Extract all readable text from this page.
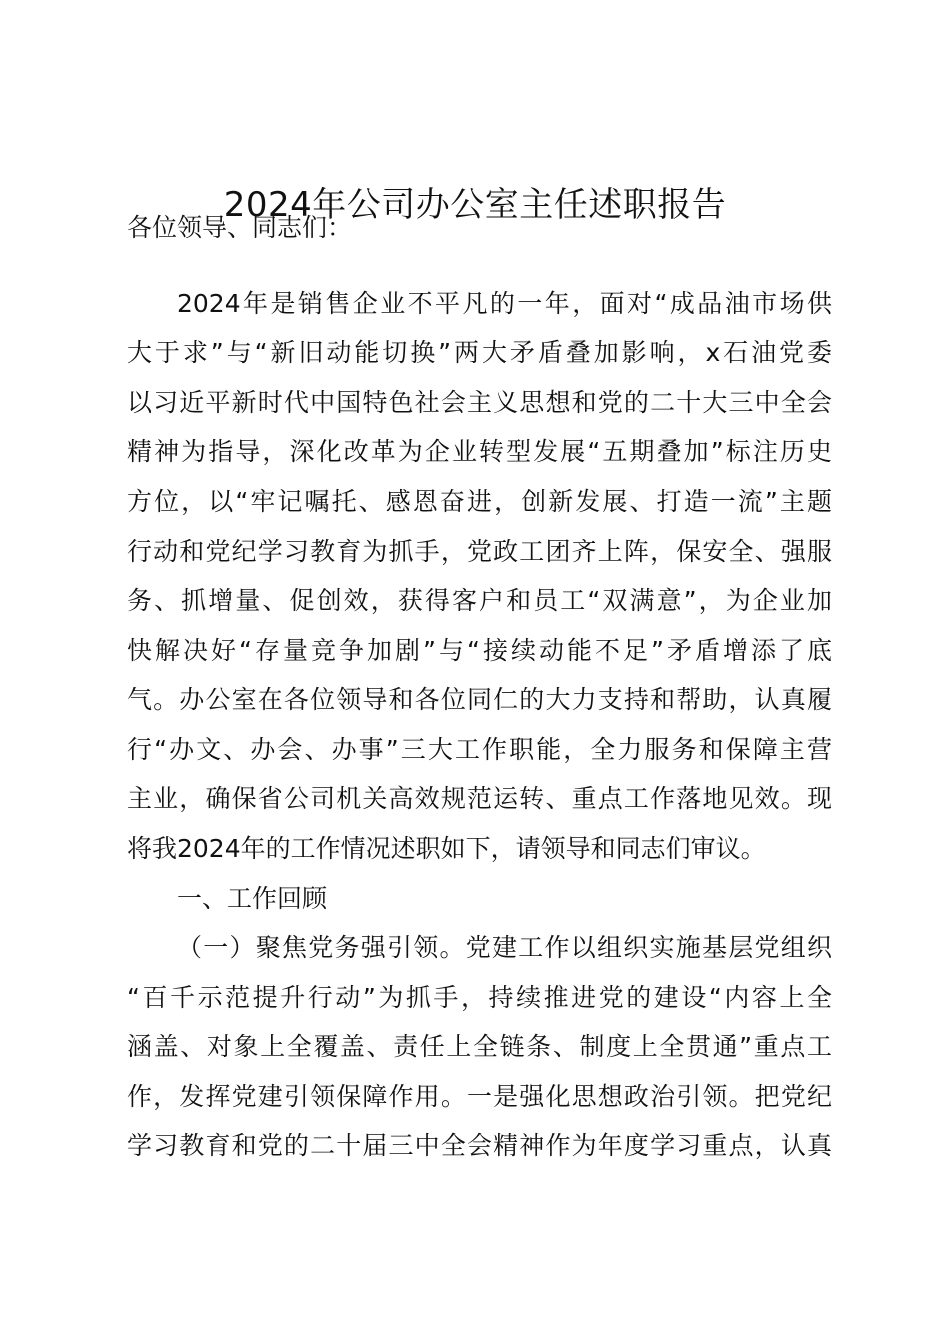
2024年公司办公室主任述职报告
各位领导、同志们：
2024年是销售企业不平凡的一年，面对“成品油市场供
大于求”与“新旧动能切换”两大矛盾叠加影响，x石油党委
以习近平新时代中国特色社会主义思想和党的二十大三中全会
精神为指导，深化改革为企业转型发展“五期叠加”标注历史
方位，以“牢记嘱托、感恩奋进，创新发展、打造一流”主题
行动和党纪学习教育为抓手，党政工团齐上阵，保安全、强服
务、抓增量、促创效，获得客户和员工“双满意”，为企业加
快解决好“存量竞争加剧”与“接续动能不足”矛盾增添了底
气。办公室在各位领导和各位同仁的大力支持和帮助，认真履
行“办文、办会、办事”三大工作职能，全力服务和保障主营
主业，确保省公司机关高效规范运转、重点工作落地见效。现
将我2024年的工作情况述职如下，请领导和同志们审议。
一、工作回顾
（一）聚焦党务强引领。党建工作以组织实施基层党组织
“百千示范提升行动”为抓手，持续推进党的建设“内容上全
涵盖、对象上全覆盖、责任上全链条、制度上全贯通”重点工
作，发挥党建引领保障作用。一是强化思想政治引领。把党纪
学习教育和党的二十届三中全会精神作为年度学习重点，认真
